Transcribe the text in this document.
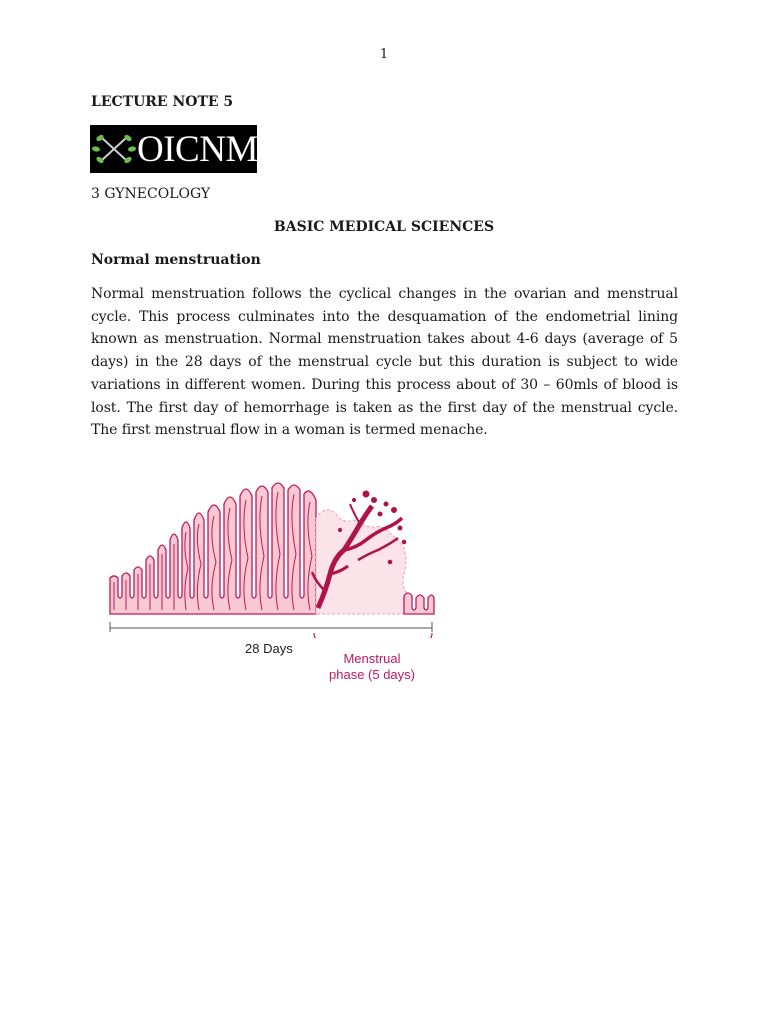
1
LECTURE NOTE 5
OICNM
3 GYNECOLOGY
BASIC MEDICAL SCIENCES
Normal menstruation
Normal menstruation follows the cyclical changes in the ovarian and menstrual cycle. This process culminates into the desquamation of the endometrial lining known as menstruation. Normal menstruation takes about 4-6 days (average of 5 days) in the 28 days of the menstrual cycle but this duration is subject to wide variations in different women. During this process about of 30 – 60mls of blood is lost. The first day of hemorrhage is taken as the first day of the menstrual cycle. The first menstrual flow in a woman is termed menache.
28 Days
Menstrual
phase (5 days)
